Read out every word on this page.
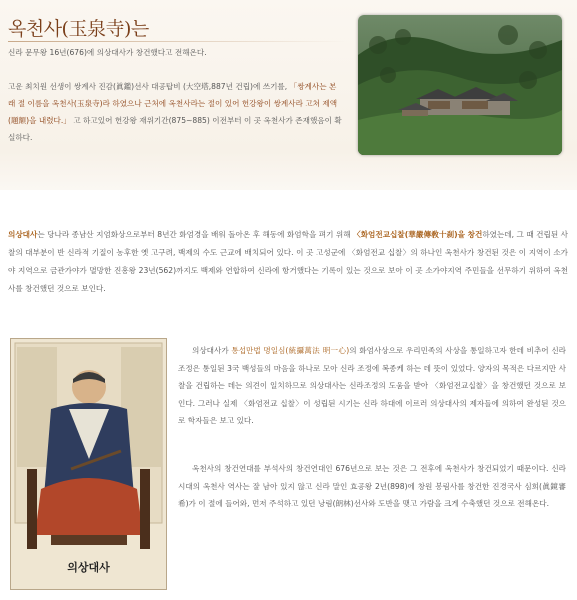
옥천사(玉泉寺)는
신라 문무왕 16년(676)에 의상대사가 창건했다고 전해온다.
고운 최치원 선생이 쌍계사 진감(眞鑑)선사 대공탑비 (大空塔,887년 건립)에 쓰기를, 「쌍계사는 본래 절 이름을 옥천사(玉泉寺)라 하였으나 근처에 옥천사라는 절이 있어 헌강왕이 쌍계사라 고쳐 제액(題額)을 내렸다.」 고 하고있어 헌강왕 재위기간(875~885) 이전부터 이 곳 옥천사가 존재했음이 확실하다.
의상대사는 당나라 종남산 지엄화상으로부터 8년간 화엄경을 배워 돌아온 후 해동에 화엄학을 펴기 위해 〈화엄전교십찰(華嚴傳敎十刹)을 창건하였는데, 그 때 건립된 사찰의 대부분이 반 신라적 기질이 농후한 옛 고구려, 백제의 수도 근교에 배치되어 있다. 이 곳 고성군에 〈화엄전교 십찰〉의 하나인 옥천사가 창건된 것은 이 지역이 소가야 지역으로 금관가야가 멸망한 진흥왕 23년(562)까지도 백제와 연합하여 신라에 항거했다는 기록이 있는 것으로 보아 이 곳 소가야지역 주민들을 선무하기 위하여 옥천사를 창건했던 것으로 보인다.
의상대사
의상대사가 통섭만법 명일심(統攝萬法 明一心)의 화엄사상으로 우리민족의 사상을 통일하고자 한데 비추어 신라 조정은 통일된 3국 백성들의 마음을 하나로 모아 신라 조정에 복종케 하는 데 뜻이 있었다. 양자의 목적은 다르지만 사찰을 건립하는 데는 의견이 일치하므로 의상대사는 신라조정의 도움을 받아 〈화엄전교십찰〉을 창건했던 것으로 보인다. 그러나 실제 〈화엄전교 십찰〉이 성립된 시기는 신라 하대에 이르러 의상대사의 제자들에 의하여 완성된 것으로 학자들은 보고 있다.
옥천사의 창건연대를 부석사의 창건연대인 676년으로 보는 것은 그 전후에 옥천사가 창건되었기 때문이다. 신라시대의 옥천사 역사는 잘 남아 있지 않고 신라 말인 효공왕 2년(898)에 창원 봉림사를 창건한 진경국사 심희(眞鏡審希)가 이 절에 들어와, 먼저 주석하고 있던 낭림(朗林)선사와 도반을 맺고 가람을 크게 수축했던 것으로 전해온다.
